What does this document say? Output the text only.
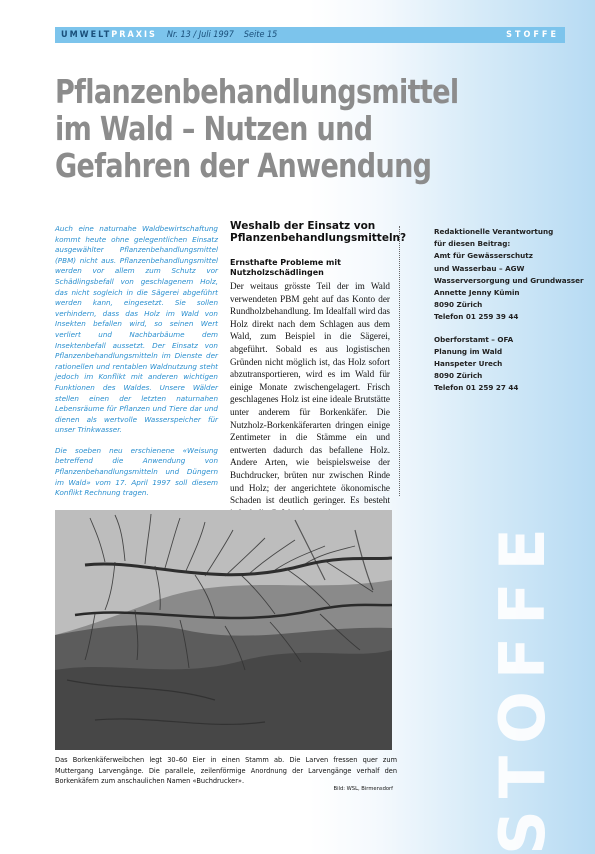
UMWELT PRAXIS Nr. 13 / Juli 1997 Seite 15	STOFFE
Pflanzenbehandlungsmittel
im Wald – Nutzen und
Gefahren der Anwendung

Auch eine naturnahe Waldbewirtschaftung kommt heute ohne gelegentlichen Einsatz ausgewählter Pflanzenbehandlungsmittel (PBM) nicht aus. Pflanzenbehandlungsmittel werden vor allem zum Schutz vor Schädlingsbefall von geschlagenem Holz, das nicht sogleich in die Sägerei abgeführt werden kann, eingesetzt. Sie sollen verhindern, dass das Holz im Wald von Insekten befallen wird, so seinen Wert verliert und Nachbarbäume dem Insektenbefall aussetzt. Der Einsatz von Pflanzenbehandlungsmitteln im Dienste der rationellen und rentablen Waldnutzung steht jedoch im Konflikt mit anderen wichtigen Funktionen des Waldes. Unsere Wälder stellen einen der letzten naturnahen Lebensräume für Pflanzen und Tiere dar und dienen als wertvolle Wasserspeicher für unser Trinkwasser.

Die soeben neu erschienene «Weisung betreffend die Anwendung von Pflanzenbehandlungsmitteln und Düngern im Wald» vom 17. April 1997 soll diesem Konflikt Rechnung tragen.

Weshalb der Einsatz von Pflanzenbehandlungsmitteln?
Ernsthafte Probleme mit Nutzholzschädlingen

Der weitaus grösste Teil der im Wald verwendeten PBM geht auf das Konto der Rundholzbehandlung. Im Idealfall wird das Holz direkt nach dem Schlagen aus dem Wald, zum Beispiel in die Sägerei, abgeführt. Sobald es aus logistischen Gründen nicht möglich ist, das Holz sofort abzutransportieren, wird es im Wald für einige Monate zwischengelagert. Frisch geschlagenes Holz ist eine ideale Brutstätte unter anderem für Borkenkäfer. Die Nutzholz-Borkenkäferarten dringen einige Zentimeter in die Stämme ein und entwerten dadurch das befallene Holz. Andere Arten, wie beispielsweise der Buchdrucker, brüten nur zwischen Rinde und Holz; der angerichtete ökonomische Schaden ist deutlich geringer. Es besteht

Redaktionelle Verantwortung
für diesen Beitrag:
Amt für Gewässerschutz
und Wasserbau – AGW
Wasserversorgung und Grundwasser
Annette Jenny Kümin
8090 Zürich
Telefon 01 259 39 44
Oberforstamt – OFA
Planung im Wald
Hanspeter Urech
8090 Zürich
Telefon 01 259 27 44
Das Borkenkäferweibchen legt 30–60 Eier in einen Stamm ab. Die Larven fressen quer zum Muttergang Larvengänge. Die parallele, zeilenförmige Anordnung der Larvengänge verhalf den Borkenkäfern zum anschaulichen Namen «Buchdrucker».
Bild: WSL, Birmensdorf STOFFE
